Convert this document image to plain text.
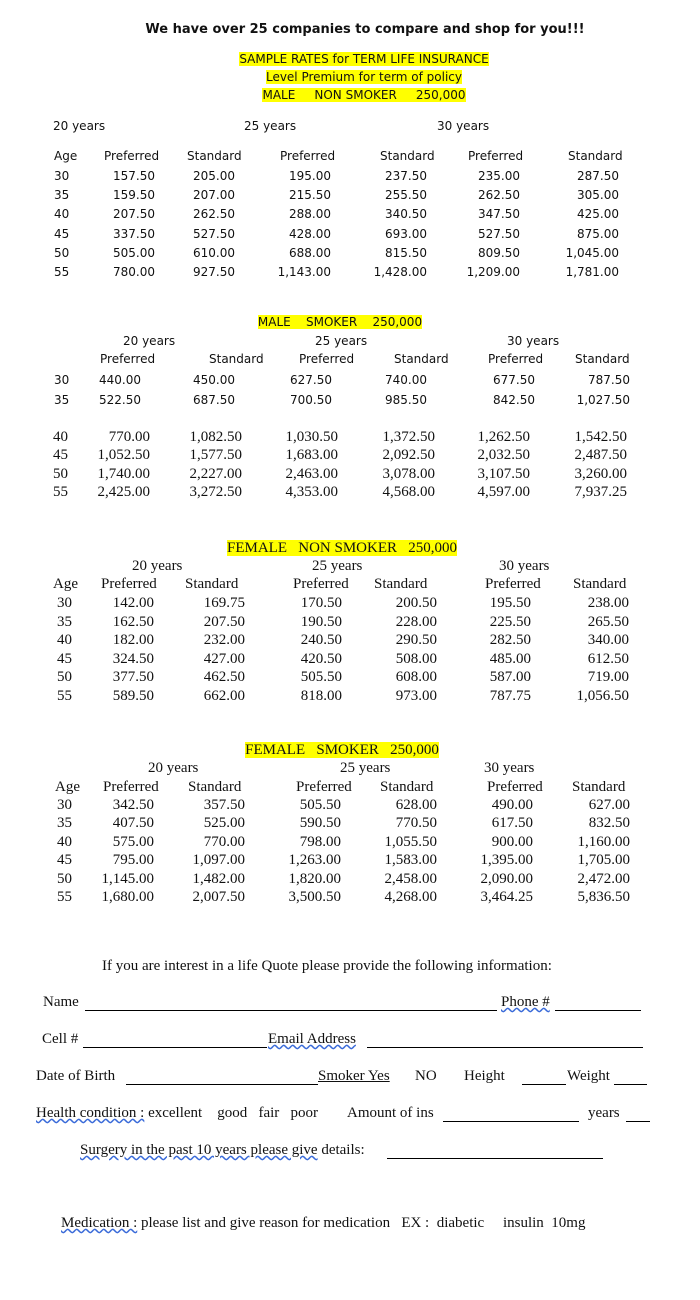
We have over 25 companies to compare and shop for you!!!
SAMPLE RATES for TERM LIFE INSURANCE
Level Premium for term of policy
MALE     NON SMOKER     250,000
20 years	25 years	30 years
Age Preferred Standard	Preferred	Standard	Preferred	Standard
30	157.50	205.00	195.00	237.50	235.00	287.50
35	159.50	207.00	215.50	255.50	262.50	305.00
40	207.50	262.50	288.00	340.50	347.50	425.00
45	337.50	527.50	428.00	693.00	527.50	875.00
50	505.00	610.00	688.00	815.50	809.50	1,045.00
55	780.00	927.50	1,143.00	1,428.00	1,209.00	1,781.00
MALE    SMOKER    250,000
20 years	25 years	30 years
Preferred	Standard	Preferred	Standard	Preferred	Standard
30 440.00	450.00	627.50	740.00	677.50	787.50
35 522.50	687.50	700.50	985.50	842.50	1,027.50
40	770.00	1,082.50	1,030.50	1,372.50	1,262.50	1,542.50
45 1,052.50	1,577.50	1,683.00	2,092.50	2,032.50	2,487.50
50 1,740.00	2,227.00	2,463.00	3,078.00	3,107.50	3,260.00
55 2,425.00	3,272.50	4,353.00	4,568.00	4,597.00	7,937.25
FEMALE   NON SMOKER   250,000
20 years	25 years	30 years
Age Preferred Standard	Preferred Standard	Preferred Standard
30	142.00	169.75	170.50	200.50	195.50	238.00
35	162.50	207.50	190.50	228.00	225.50	265.50
40	182.00	232.00	240.50	290.50	282.50	340.00
45	324.50	427.00	420.50	508.00	485.00	612.50
50	377.50	462.50	505.50	608.00	587.00	719.00
55	589.50	662.00	818.00	973.00	787.75	1,056.50
FEMALE   SMOKER   250,000
20 years	25 years	30 years
Age Preferred Standard	Preferred Standard	Preferred Standard
30	342.50	357.50	505.50	628.00	490.00	627.00
35	407.50	525.00	590.50	770.50	617.50	832.50
40	575.00	770.00	798.00	1,055.50	900.00	1,160.00
45	795.00	1,097.00	1,263.00	1,583.00	1,395.00	1,705.00
50 1,145.00	1,482.00	1,820.00	2,458.00	2,090.00	2,472.00
55 1,680.00	2,007.50	3,500.50	4,268.00	3,464.25	5,836.50
If you are interest in a life Quote please provide the following information:
Name	Phone #
Cell #	Email Address
Date of Birth	Smoker Yes NO Height	Weight
Health condition : excellent    good   fair   poor Amount of ins	years
Surgery in the past 10 years please give details:
Medication : please list and give reason for medication   EX :  diabetic     insulin  10mg
